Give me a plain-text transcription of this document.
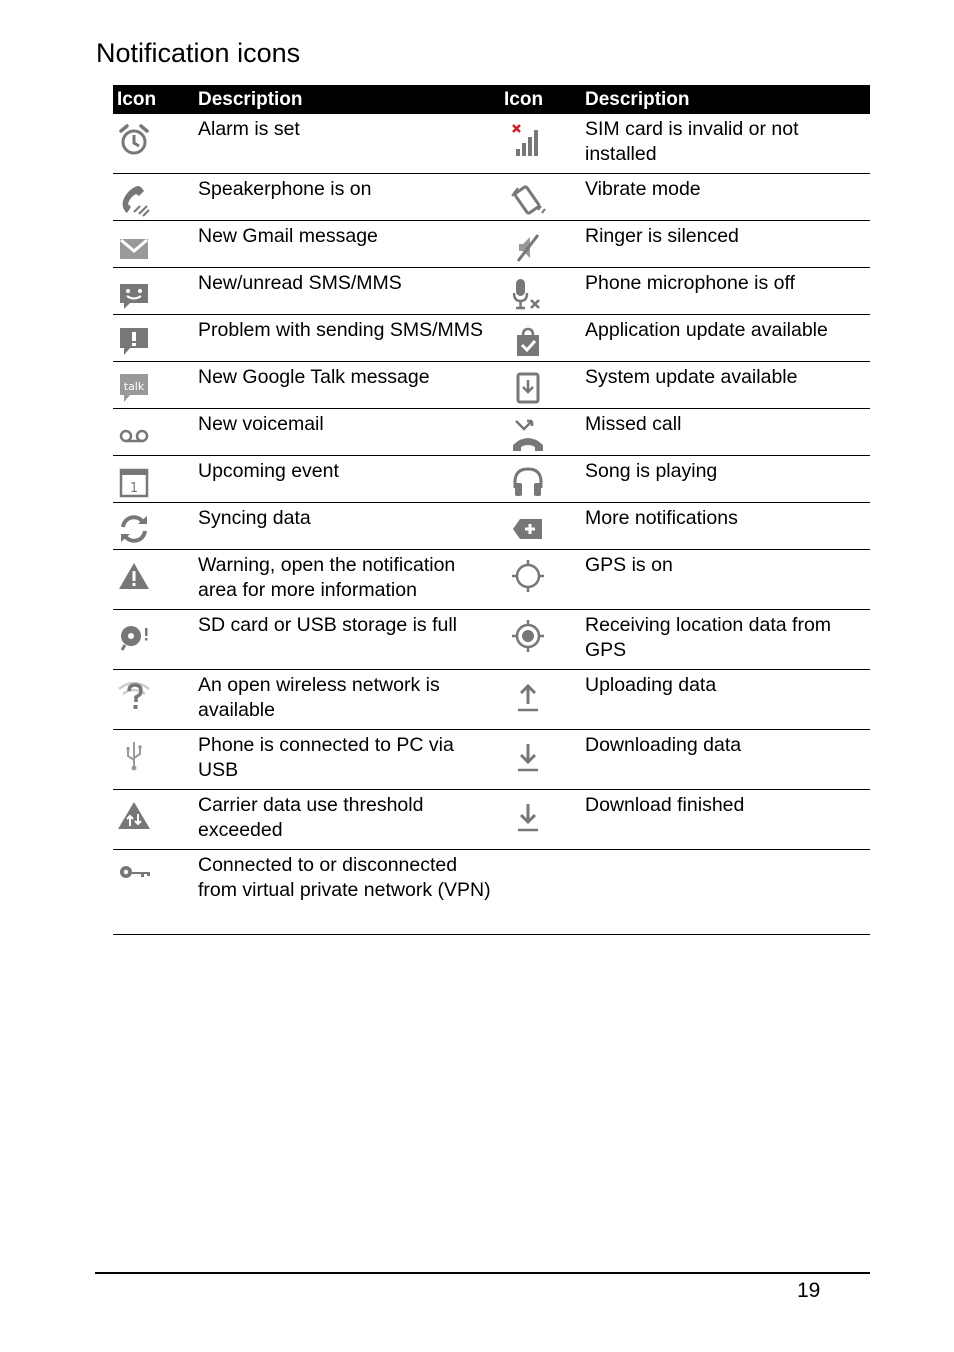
Notification icons
Icon	Description	Icon	Description

	Alarm is set		SIM card is invalid or not installed

	Speakerphone is on		Vibrate mode

	New Gmail message		Ringer is silenced

	New/unread SMS/MMS		Phone microphone is off

	Problem with sending SMS/MMS		Application update available

talk	New Google Talk message		System update available

	New voicemail		Missed call

1	Upcoming event		Song is playing

	Syncing data		More notifications

	Warning, open the notification area for more information		GPS is on

	SD card or USB storage is full		Receiving location data from GPS

	An open wireless network is available		Uploading data

	Phone is connected to PC via USB		Downloading data

	Carrier data use threshold exceeded		Download finished

	Connected to or disconnected from virtual private network (VPN)		
19
